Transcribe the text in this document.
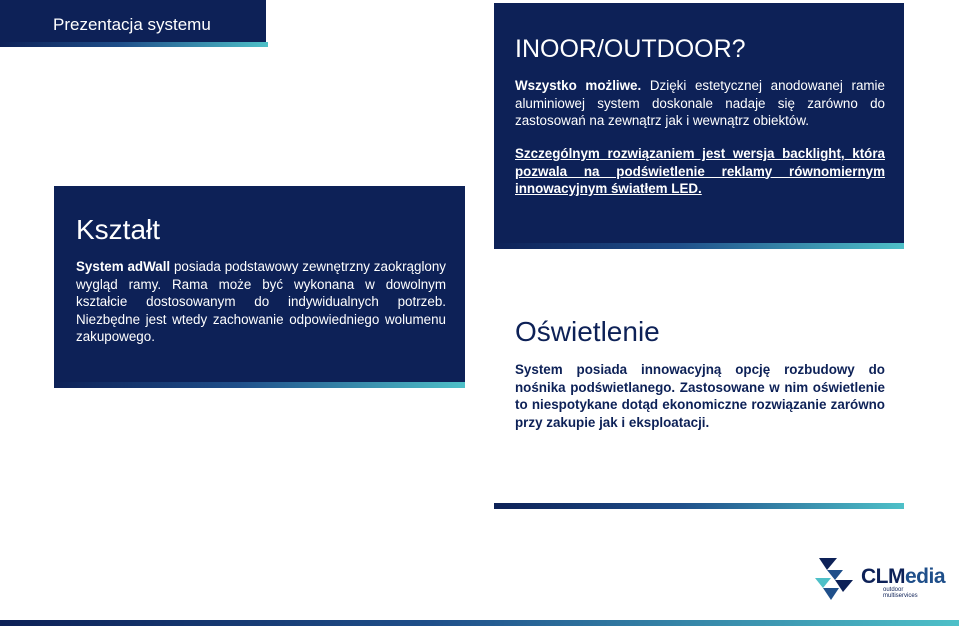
Prezentacja systemu
Kształt
System adWall posiada podstawowy zewnętrzny zaokrąglony wygląd ramy. Rama może być wykonana w dowolnym kształcie dostosowanym do indywidualnych potrzeb. Niezbędne jest wtedy zachowanie odpowiedniego wolumenu zakupowego.
INOOR/OUTDOOR?
Wszystko możliwe. Dzięki estetycznej anodowanej ramie aluminiowej system doskonale nadaje się zarówno do zastosowań na zewnątrz jak i wewnątrz obiektów.
Szczególnym rozwiązaniem jest wersja backlight, która pozwala na podświetlenie reklamy równomiernym innowacyjnym światłem LED.
Oświetlenie
System posiada innowacyjną opcję rozbudowy do nośnika podświetlanego. Zastosowane w nim oświetlenie to niespotykane dotąd ekonomiczne rozwiązanie zarówno przy zakupie jak i eksploatacji.
CLMedia
outdoor multiservices
